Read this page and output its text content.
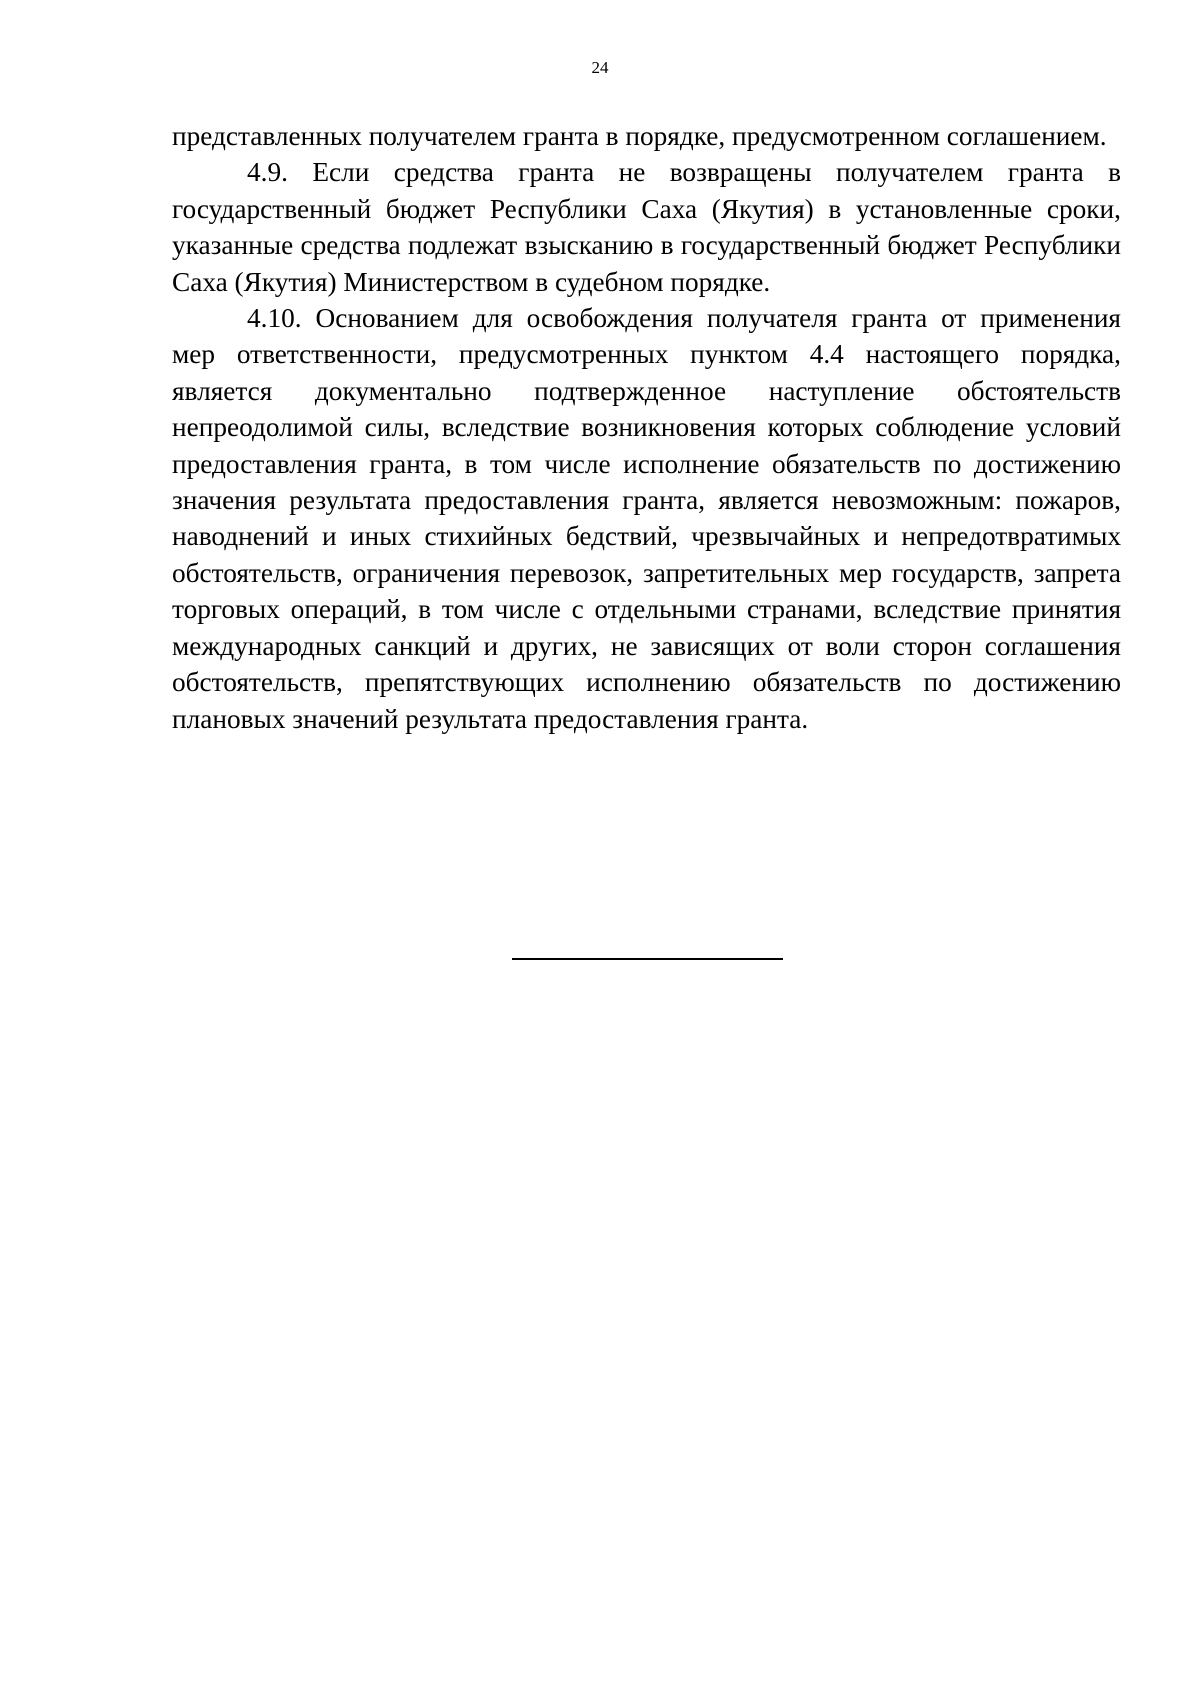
24

представленных получателем гранта в порядке, предусмотренном соглашением.

4.9. Если средства гранта не возвращены получателем гранта в государственный бюджет Республики Саха (Якутия) в установленные сроки, указанные средства подлежат взысканию в государственный бюджет Республики Саха (Якутия) Министерством в судебном порядке.

4.10. Основанием для освобождения получателя гранта от применения мер ответственности, предусмотренных пунктом 4.4 настоящего порядка, является документально подтвержденное наступление обстоятельств непреодолимой силы, вследствие возникновения которых соблюдение условий предоставления гранта, в том числе исполнение обязательств по достижению значения результата предоставления гранта, является невозможным: пожаров, наводнений и иных стихийных бедствий, чрезвычайных и непредотвратимых обстоятельств, ограничения перевозок, запретительных мер государств, запрета торговых операций, в том числе с отдельными странами, вследствие принятия международных санкций и других, не зависящих от воли сторон соглашения обстоятельств, препятствующих исполнению обязательств по достижению плановых значений результата предоставления гранта.
